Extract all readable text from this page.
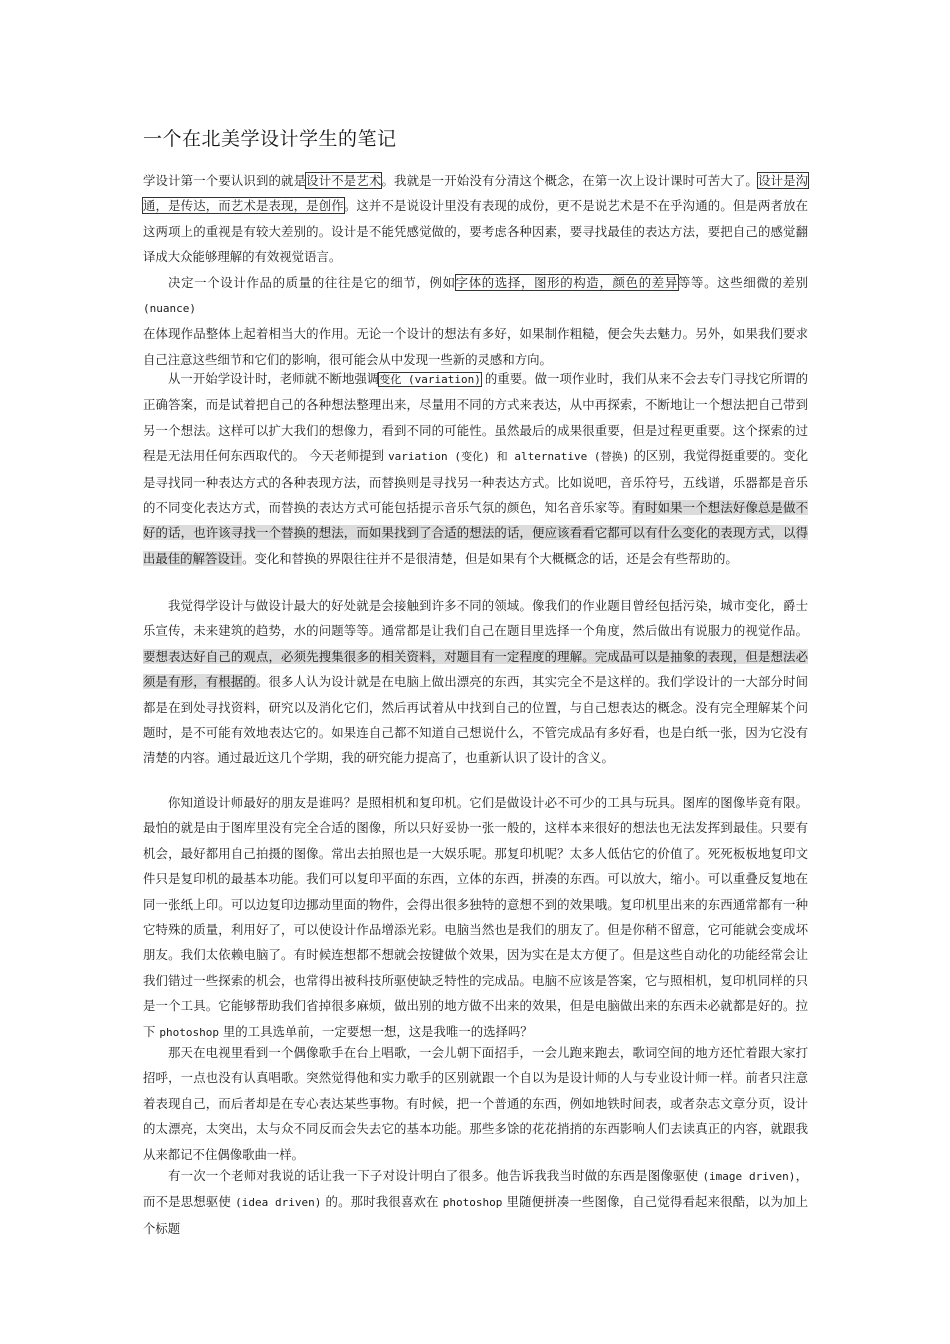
一个在北美学设计学生的笔记

学设计第一个要认识到的就是设计不是艺术。我就是一开始没有分清这个概念，在第一次上设计课时可苦大了。设计是沟通，是传达，而艺术是表现，是创作。这并不是说设计里没有表现的成份，更不是说艺术是不在乎沟通的。但是两者放在这两项上的重视是有较大差别的。设计是不能凭感觉做的，要考虑各种因素，要寻找最佳的表达方法，要把自己的感觉翻译成大众能够理解的有效视觉语言。

决定一个设计作品的质量的往往是它的细节，例如字体的选择，图形的构造，颜色的差异等等。这些细微的差别 (nuance)
在体现作品整体上起着相当大的作用。无论一个设计的想法有多好，如果制作粗糙，便会失去魅力。另外，如果我们要求自己注意这些细节和它们的影响，很可能会从中发现一些新的灵感和方向。

从一开始学设计时，老师就不断地强调变化 (variation) 的重要。做一项作业时，我们从来不会去专门寻找它所谓的正确答案，而是试着把自己的各种想法整理出来，尽量用不同的方式来表达，从中再探索，不断地让一个想法把自己带到另一个想法。这样可以扩大我们的想像力，看到不同的可能性。虽然最后的成果很重要，但是过程更重要。这个探索的过程是无法用任何东西取代的。 今天老师提到 variation (变化) 和 alternative (替换) 的区别，我觉得挺重要的。变化是寻找同一种表达方式的各种表现方法，而替换则是寻找另一种表达方式。比如说吧，音乐符号，五线谱，乐器都是音乐的不同变化表达方式，而替换的表达方式可能包括提示音乐气氛的颜色，知名音乐家等。有时如果一个想法好像总是做不好的话，也许该寻找一个替换的想法，而如果找到了合适的想法的话，便应该看看它都可以有什么变化的表现方式，以得出最佳的解答设计。变化和替换的界限往往并不是很清楚，但是如果有个大概概念的话，还是会有些帮助的。

我觉得学设计与做设计最大的好处就是会接触到许多不同的领域。像我们的作业题目曾经包括污染，城市变化，爵士乐宣传，未来建筑的趋势，水的问题等等。通常都是让我们自己在题目里选择一个角度，然后做出有说服力的视觉作品。要想表达好自己的观点，必须先搜集很多的相关资料，对题目有一定程度的理解。完成品可以是抽象的表现，但是想法必须是有形，有根据的。很多人认为设计就是在电脑上做出漂亮的东西，其实完全不是这样的。我们学设计的一大部分时间都是在到处寻找资料，研究以及消化它们，然后再试着从中找到自己的位置，与自己想表达的概念。没有完全理解某个问题时，是不可能有效地表达它的。如果连自己都不知道自己想说什么，不管完成品有多好看，也是白纸一张，因为它没有清楚的内容。通过最近这几个学期，我的研究能力提高了，也重新认识了设计的含义。

你知道设计师最好的朋友是谁吗？是照相机和复印机。它们是做设计必不可少的工具与玩具。图库的图像毕竟有限。最怕的就是由于图库里没有完全合适的图像，所以只好妥协一张一般的，这样本来很好的想法也无法发挥到最佳。只要有机会，最好都用自己拍摄的图像。常出去拍照也是一大娱乐呢。那复印机呢？太多人低估它的价值了。死死板板地复印文件只是复印机的最基本功能。我们可以复印平面的东西，立体的东西，拼凑的东西。可以放大，缩小。可以重叠反复地在同一张纸上印。可以边复印边挪动里面的物件，会得出很多独特的意想不到的效果哦。复印机里出来的东西通常都有一种它特殊的质量，利用好了，可以使设计作品增添光彩。电脑当然也是我们的朋友了。但是你稍不留意，它可能就会变成坏朋友。我们太依赖电脑了。有时候连想都不想就会按键做个效果，因为实在是太方便了。但是这些自动化的功能经常会让我们错过一些探索的机会，也常得出被科技所驱使缺乏特性的完成品。电脑不应该是答案，它与照相机，复印机同样的只是一个工具。它能够帮助我们省掉很多麻烦，做出别的地方做不出来的效果，但是电脑做出来的东西未必就都是好的。拉下 photoshop 里的工具选单前，一定要想一想，这是我唯一的选择吗？

那天在电视里看到一个偶像歌手在台上唱歌，一会儿朝下面招手，一会儿跑来跑去，歌词空间的地方还忙着跟大家打招呼，一点也没有认真唱歌。突然觉得他和实力歌手的区别就跟一个自以为是设计师的人与专业设计师一样。前者只注意着表现自己，而后者却是在专心表达某些事物。有时候，把一个普通的东西，例如地铁时间表，或者杂志文章分页，设计的太漂亮，太突出，太与众不同反而会失去它的基本功能。那些多馀的花花捎捎的东西影响人们去读真正的内容，就跟我从来都记不住偶像歌曲一样。

有一次一个老师对我说的话让我一下子对设计明白了很多。他告诉我我当时做的东西是图像驱使 (image driven)，而不是思想驱使 (idea driven) 的。那时我很喜欢在 photoshop 里随便拼凑一些图像，自己觉得看起来很酷，以为加上个标题
